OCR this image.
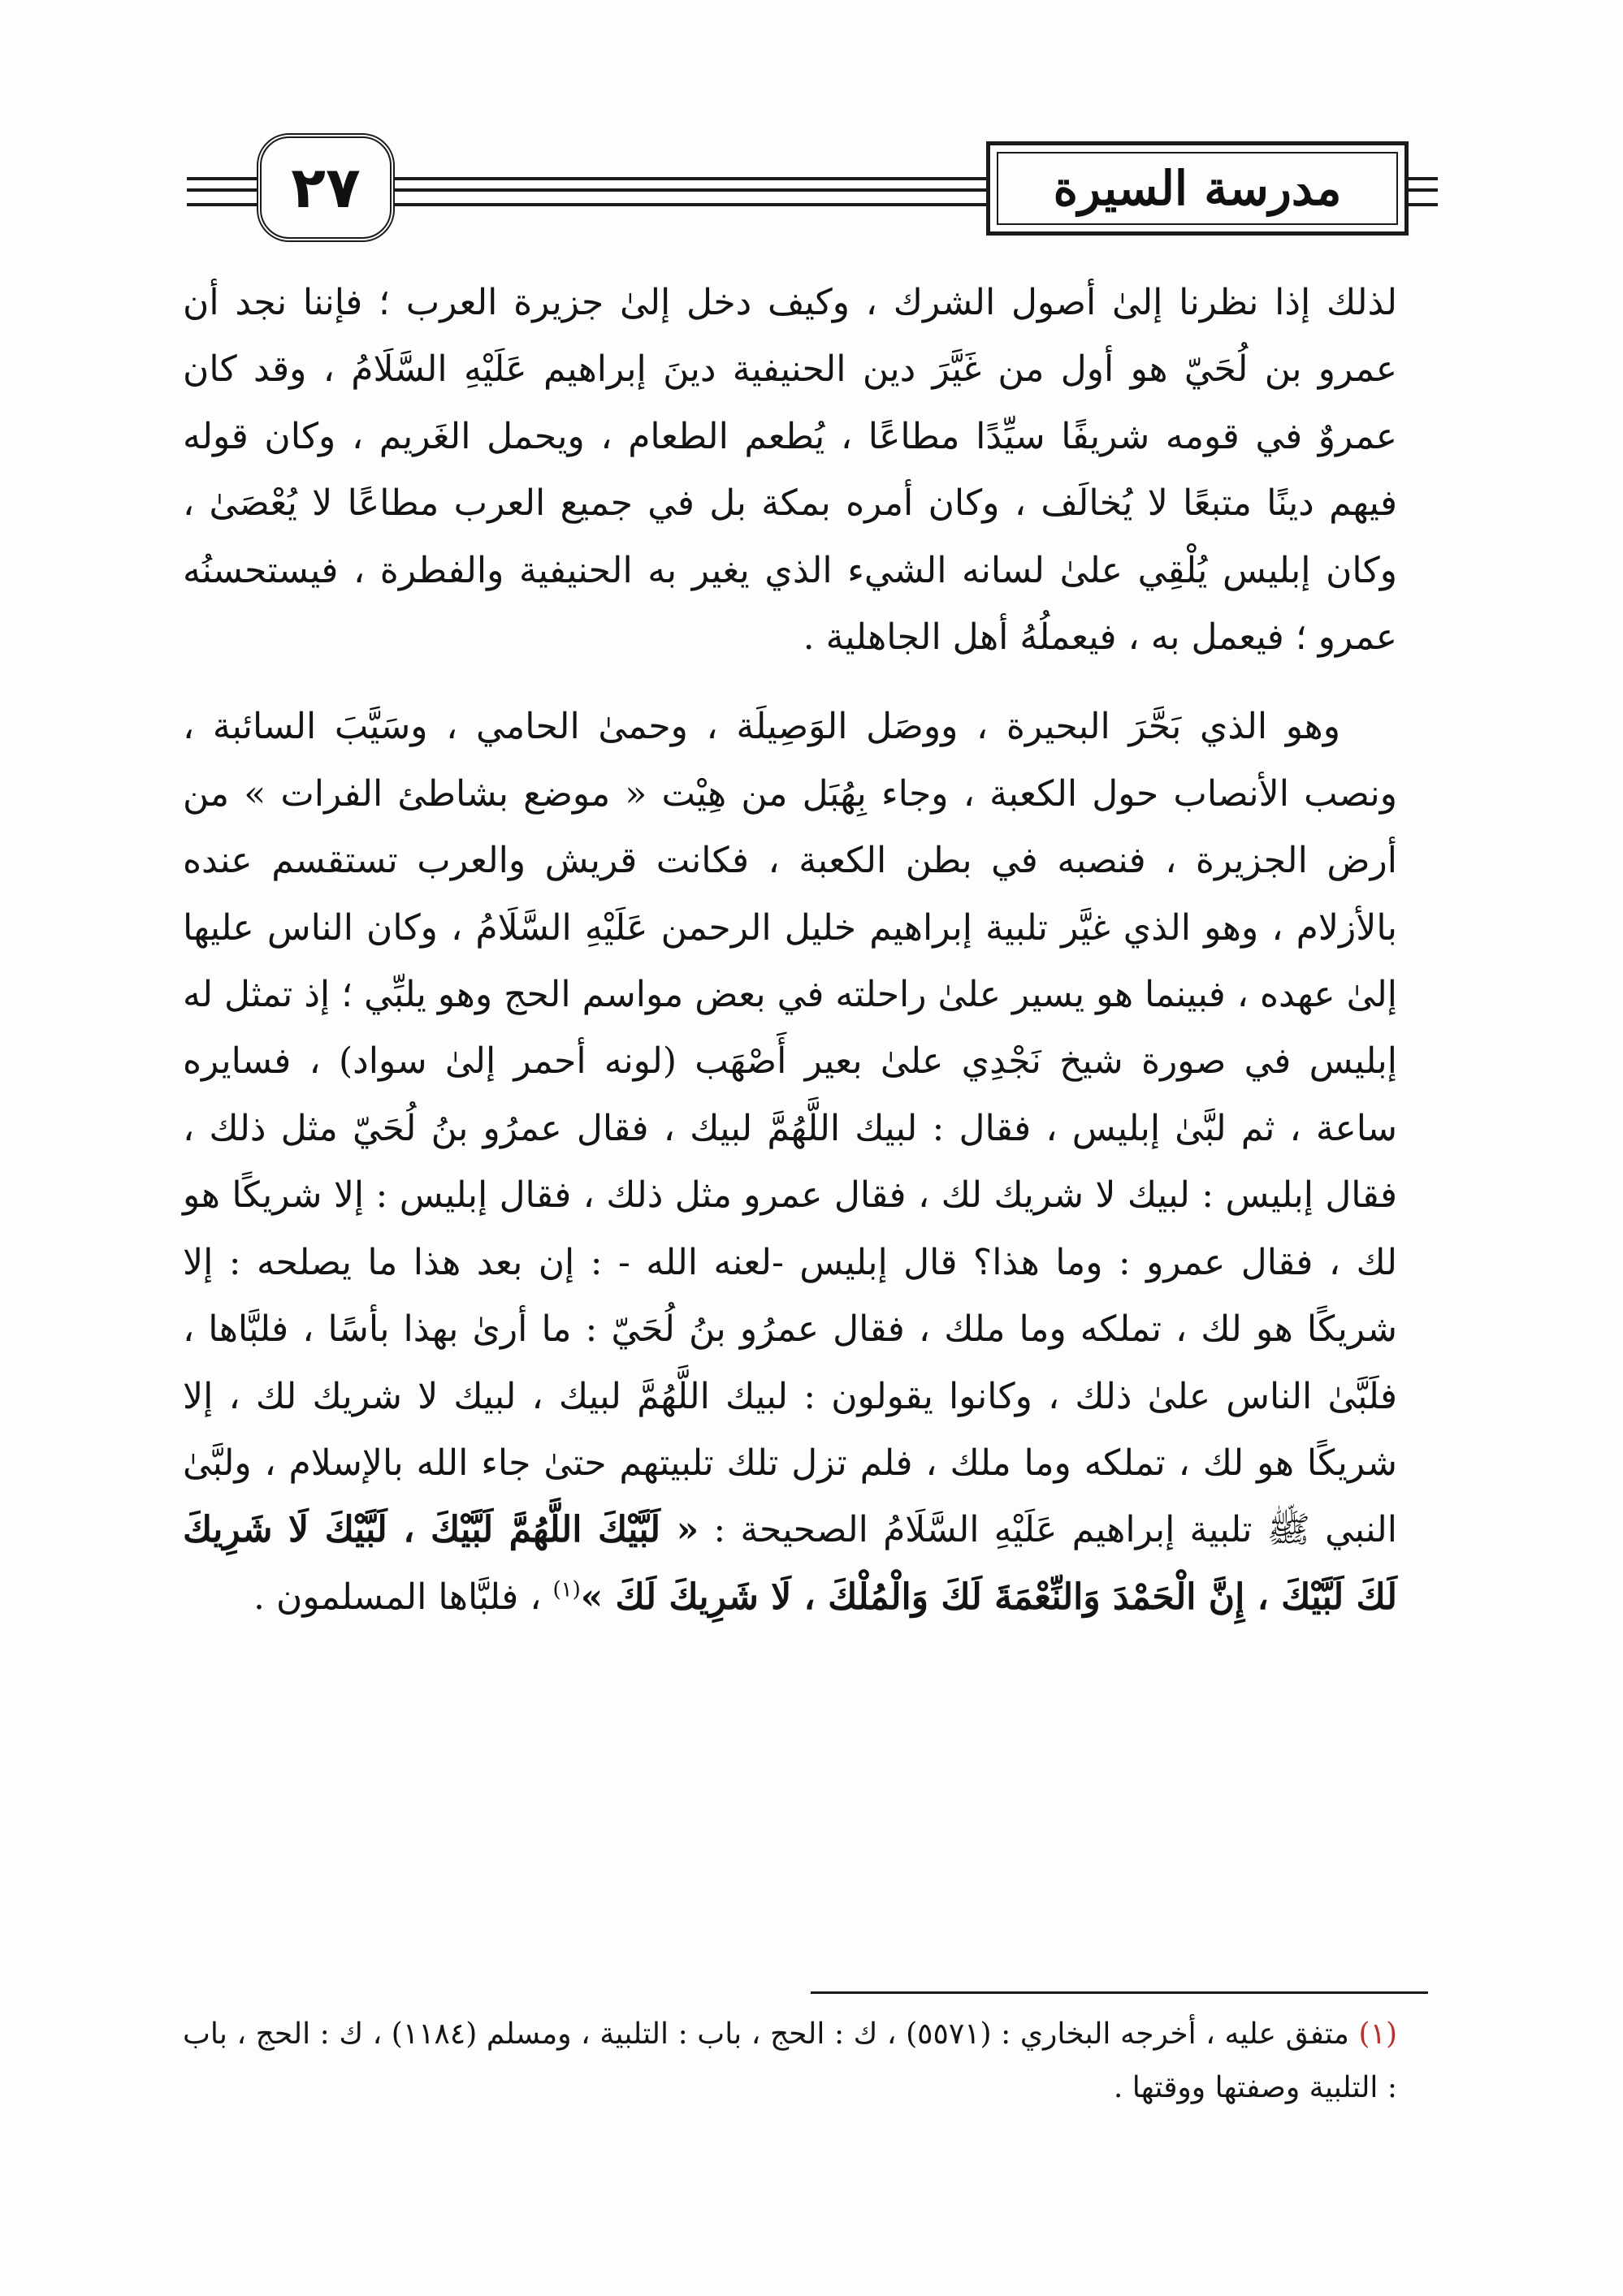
٢٧	مدرسة السيرة

لذلك إذا نظرنا إلىٰ أصول الشرك ، وكيف دخل إلىٰ جزيرة العرب ؛ فإننا نجد أن عمرو بن لُحَيّ هو أول من غَيَّرَ دين الحنيفية دينَ إبراهيم عَلَيْهِ السَّلَامُ ، وقد كان عمروٌ في قومه شريفًا سيِّدًا مطاعًا ، يُطعم الطعام ، ويحمل الغَريم ، وكان قوله فيهم دينًا متبعًا لا يُخالَف ، وكان أمره بمكة بل في جميع العرب مطاعًا لا يُعْصَىٰ ، وكان إبليس يُلْقِي علىٰ لسانه الشيء الذي يغير به الحنيفية والفطرة ، فيستحسنُه عمرو ؛ فيعمل به ، فيعملُهُ أهل الجاهلية .

وهو الذي بَحَّرَ البحيرة ، ووصَل الوَصِيلَة ، وحمىٰ الحامي ، وسَيَّبَ السائبة ، ونصب الأنصاب حول الكعبة ، وجاء بِهُبَل من هِيْت « موضع بشاطئ الفرات » من أرض الجزيرة ، فنصبه في بطن الكعبة ، فكانت قريش والعرب تستقسم عنده بالأزلام ، وهو الذي غيَّر تلبية إبراهيم خليل الرحمن عَلَيْهِ السَّلَامُ ، وكان الناس عليها إلىٰ عهده ، فبينما هو يسير علىٰ راحلته في بعض مواسم الحج وهو يلبِّي ؛ إذ تمثل له إبليس في صورة شيخ نَجْدِي علىٰ بعير أَصْهَب (لونه أحمر إلىٰ سواد) ، فسايره ساعة ، ثم لبَّىٰ إبليس ، فقال : لبيك اللَّهُمَّ لبيك ، فقال عمرُو بنُ لُحَيّ مثل ذلك ، فقال إبليس : لبيك لا شريك لك ، فقال عمرو مثل ذلك ، فقال إبليس : إلا شريكًا هو لك ، فقال عمرو : وما هذا؟ قال إبليس -لعنه الله - : إن بعد هذا ما يصلحه : إلا شريكًا هو لك ، تملكه وما ملك ، فقال عمرُو بنُ لُحَيّ : ما أرىٰ بهذا بأسًا ، فلبَّاها ، فلَبَّىٰ الناس علىٰ ذلك ، وكانوا يقولون : لبيك اللَّهُمَّ لبيك ، لبيك لا شريك لك ، إلا شريكًا هو لك ، تملكه وما ملك ، فلم تزل تلك تلبيتهم حتىٰ جاء الله بالإسلام ، ولبَّىٰ النبي ﷺ تلبية إبراهيم عَلَيْهِ السَّلَامُ الصحيحة : « لَبَّيْكَ اللَّهُمَّ لَبَّيْكَ ، لَبَّيْكَ لَا شَرِيكَ لَكَ لَبَّيْكَ ، إِنَّ الْحَمْدَ وَالنِّعْمَةَ لَكَ وَالْمُلْكَ ، لَا شَرِيكَ لَكَ »$^{(١)}$ ، فلبَّاها المسلمون .

(١) متفق عليه ، أخرجه البخاري : (٥٥٧١) ، ك : الحج ، باب : التلبية ، ومسلم (١١٨٤) ، ك : الحج ، باب : التلبية وصفتها ووقتها .
